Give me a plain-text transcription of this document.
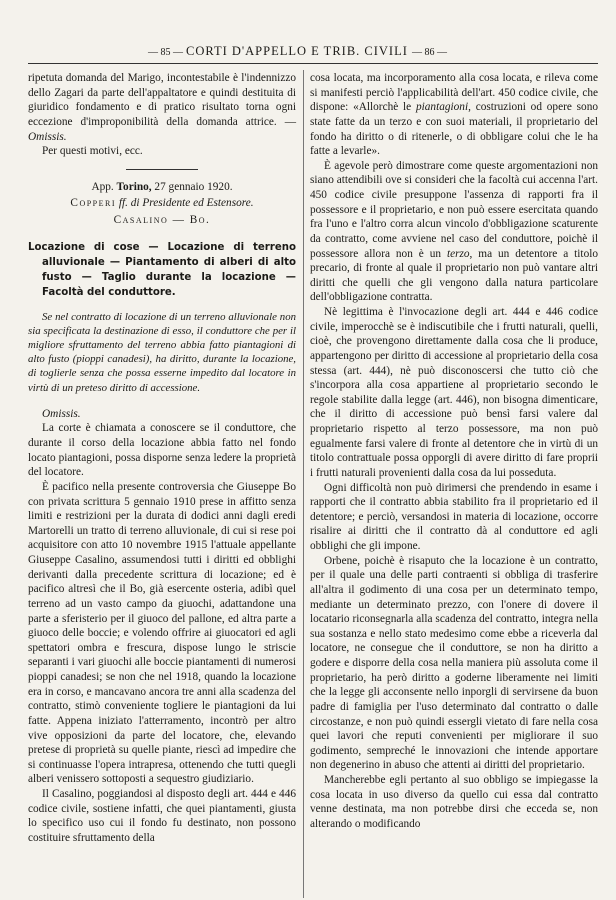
— 85 — CORTI D'APPELLO E TRIB. CIVILI — 86 —

ripetuta domanda del Marigo, incontestabile è l'indennizzo dello Zagari da parte dell'appaltatore e quindi destituita di giuridico fondamento e di pratico risultato torna ogni eccezione d'improponibilità della domanda attrice. — Omissis.

Per questi motivi, ecc.

App. Torino, 27 gennaio 1920.

Copperi ff. di Presidente ed Estensore.

Casalino — Bo.

Locazione di cose — Locazione di terreno alluvionale — Piantamento di alberi di alto fusto — Taglio durante la locazione — Facoltà del conduttore.

Se nel contratto di locazione di un terreno alluvionale non sia specificata la destinazione di esso, il conduttore che per il migliore sfruttamento del terreno abbia fatto piantagioni di alto fusto (pioppi canadesi), ha diritto, durante la locazione, di toglierle senza che possa esserne impedito dal locatore in virtù di un preteso diritto di accessione.

Omissis.

La corte è chiamata a conoscere se il conduttore, che durante il corso della locazione abbia fatto nel fondo locato piantagioni, possa disporne senza ledere la proprietà del locatore.

È pacifico nella presente controversia che Giuseppe Bo con privata scrittura 5 gennaio 1910 prese in affitto senza limiti e restrizioni per la durata di dodici anni dagli eredi Martorelli un tratto di terreno alluvionale, di cui si rese poi acquisitore con atto 10 novembre 1915 l'attuale appellante Giuseppe Casalino, assumendosi tutti i diritti ed obblighi derivanti dalla precedente scrittura di locazione; ed è pacifico altresì che il Bo, già esercente osteria, adibì quel terreno ad un vasto campo da giuochi, adattandone una parte a sferisterio per il giuoco del pallone, ed altra parte a giuoco delle boccie; e volendo offrire ai giuocatori ed agli spettatori ombra e frescura, dispose lungo le striscie separanti i vari giuochi alle boccie piantamenti di numerosi pioppi canadesi; se non che nel 1918, quando la locazione era in corso, e mancavano ancora tre anni alla scadenza del contratto, stimò conveniente togliere le piantagioni da lui fatte. Appena iniziato l'atterramento, incontrò per altro vive opposizioni da parte del locatore, che, elevando pretese di proprietà su quelle piante, riescì ad impedire che si continuasse l'opera intrapresa, ottenendo che tutti quegli alberi venissero sottoposti a sequestro giudiziario.

Il Casalino, poggiandosi al disposto degli art. 444 e 446 codice civile, sostiene infatti, che quei piantamenti, giusta lo specifico uso cui il fondo fu destinato, non possono costituire sfruttamento della

cosa locata, ma incorporamento alla cosa locata, e rileva come si manifesti perciò l'applicabilità dell'art. 450 codice civile, che dispone: «Allorchè le piantagioni, costruzioni od opere sono state fatte da un terzo e con suoi materiali, il proprietario del fondo ha diritto o di ritenerle, o di obbligare colui che le ha fatte a levarle».

È agevole però dimostrare come queste argomentazioni non siano attendibili ove si consideri che la facoltà cui accenna l'art. 450 codice civile presuppone l'assenza di rapporti fra il possessore e il proprietario, e non può essere esercitata quando fra l'uno e l'altro corra alcun vincolo d'obbligazione scaturente da contratto, come avviene nel caso del conduttore, poichè il possessore allora non è un terzo, ma un detentore a titolo precario, di fronte al quale il proprietario non può vantare altri diritti che quelli che gli vengono dalla natura particolare dell'obbligazione contratta.

Nè legittima è l'invocazione degli art. 444 e 446 codice civile, imperocchè se è indiscutibile che i frutti naturali, quelli, cioè, che provengono direttamente dalla cosa che li produce, appartengono per diritto di accessione al proprietario della cosa stessa (art. 444), nè può disconoscersi che tutto ciò che s'incorpora alla cosa appartiene al proprietario secondo le regole stabilite dalla legge (art. 446), non bisogna dimenticare, che il diritto di accessione può bensì farsi valere dal proprietario rispetto al terzo possessore, ma non può egualmente farsi valere di fronte al detentore che in virtù di un titolo contrattuale possa opporgli di avere diritto di fare proprii i frutti naturali provenienti dalla cosa da lui posseduta.

Ogni difficoltà non può dirimersi che prendendo in esame i rapporti che il contratto abbia stabilito fra il proprietario ed il detentore; e perciò, versandosi in materia di locazione, occorre risalire ai diritti che il contratto dà al conduttore ed agli obblighi che gli impone.

Orbene, poichè è risaputo che la locazione è un contratto, per il quale una delle parti contraenti si obbliga di trasferire all'altra il godimento di una cosa per un determinato tempo, mediante un determinato prezzo, con l'onere di dovere il locatario riconsegnarla alla scadenza del contratto, integra nella sua sostanza e nello stato medesimo come ebbe a riceverla dal locatore, ne consegue che il conduttore, se non ha diritto a godere e disporre della cosa nella maniera più assoluta come il proprietario, ha però diritto a goderne liberamente nei limiti che la legge gli acconsente nello inporgli di servirsene da buon padre di famiglia per l'uso determinato dal contratto o dalle circostanze, e non può quindi essergli vietato di fare nella cosa quei lavori che reputi convenienti per migliorare il suo godimento, sempreché le innovazioni che intende apportare non degenerino in abuso che attenti ai diritti del proprietario.

Mancherebbe egli pertanto al suo obbligo se impiegasse la cosa locata in uso diverso da quello cui essa dal contratto venne destinata, ma non potrebbe dirsi che ecceda se, non alterando o modificando
